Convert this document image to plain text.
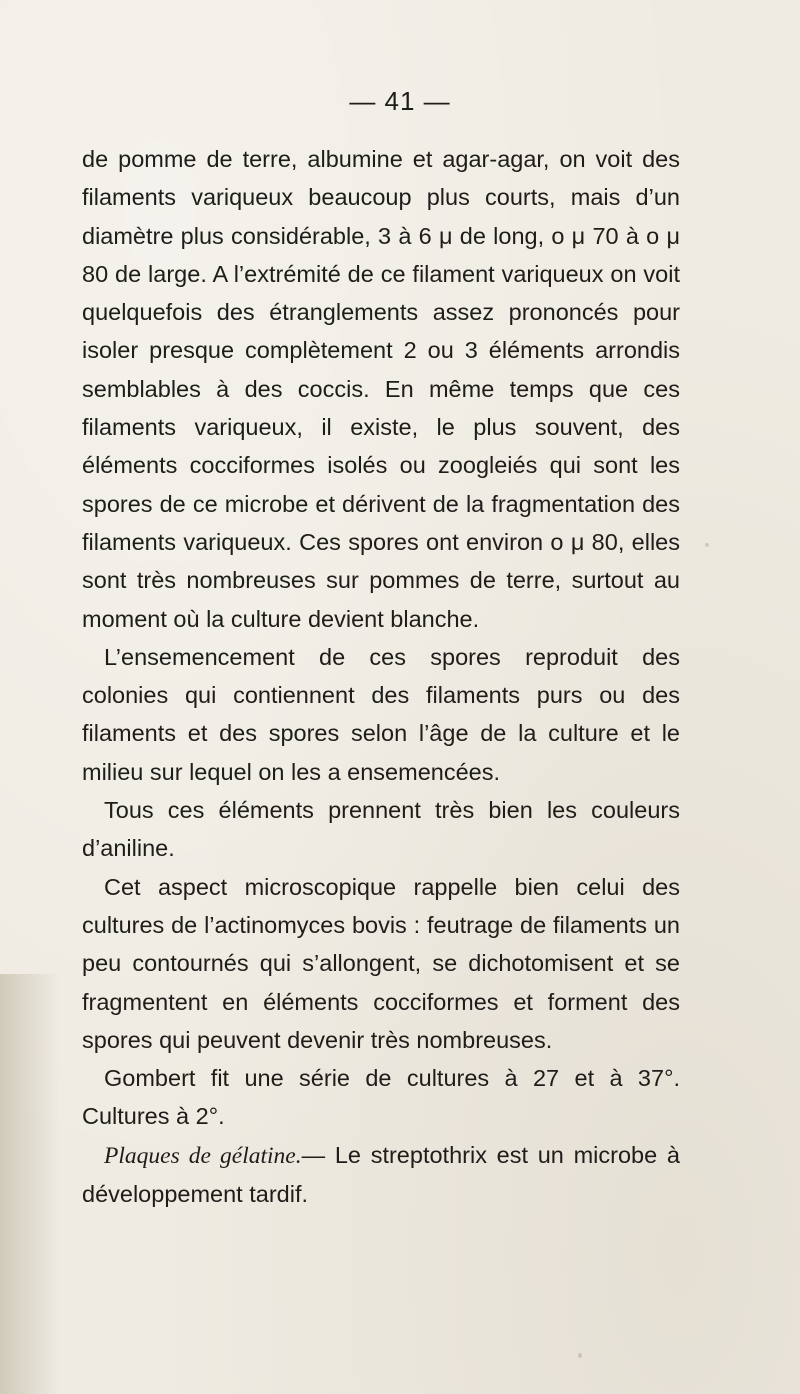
— 41 —

de pomme de terre, albumine et agar-agar, on voit des filaments variqueux beaucoup plus courts, mais d’un diamètre plus considérable, 3 à 6 μ de long, o μ 70 à o μ 80 de large. A l’extrémité de ce filament variqueux on voit quelquefois des étranglements assez prononcés pour isoler presque complètement 2 ou 3 éléments arrondis semblables à des coccis. En même temps que ces filaments variqueux, il existe, le plus souvent, des éléments cocciformes isolés ou zoogleiés qui sont les spores de ce microbe et dérivent de la fragmentation des filaments variqueux. Ces spores ont environ o μ 80, elles sont très nombreuses sur pommes de terre, surtout au moment où la culture devient blanche.

L’ensemencement de ces spores reproduit des colonies qui contiennent des filaments purs ou des filaments et des spores selon l’âge de la culture et le milieu sur lequel on les a ensemencées.

Tous ces éléments prennent très bien les couleurs d’aniline.

Cet aspect microscopique rappelle bien celui des cultures de l’actinomyces bovis : feutrage de filaments un peu contournés qui s’allongent, se dichotomisent et se fragmentent en éléments cocciformes et forment des spores qui peuvent devenir très nombreuses.

Gombert fit une série de cultures à 27 et à 37°. Cultures à 2°.

Plaques de gélatine.— Le streptothrix est un microbe à développement tardif.
